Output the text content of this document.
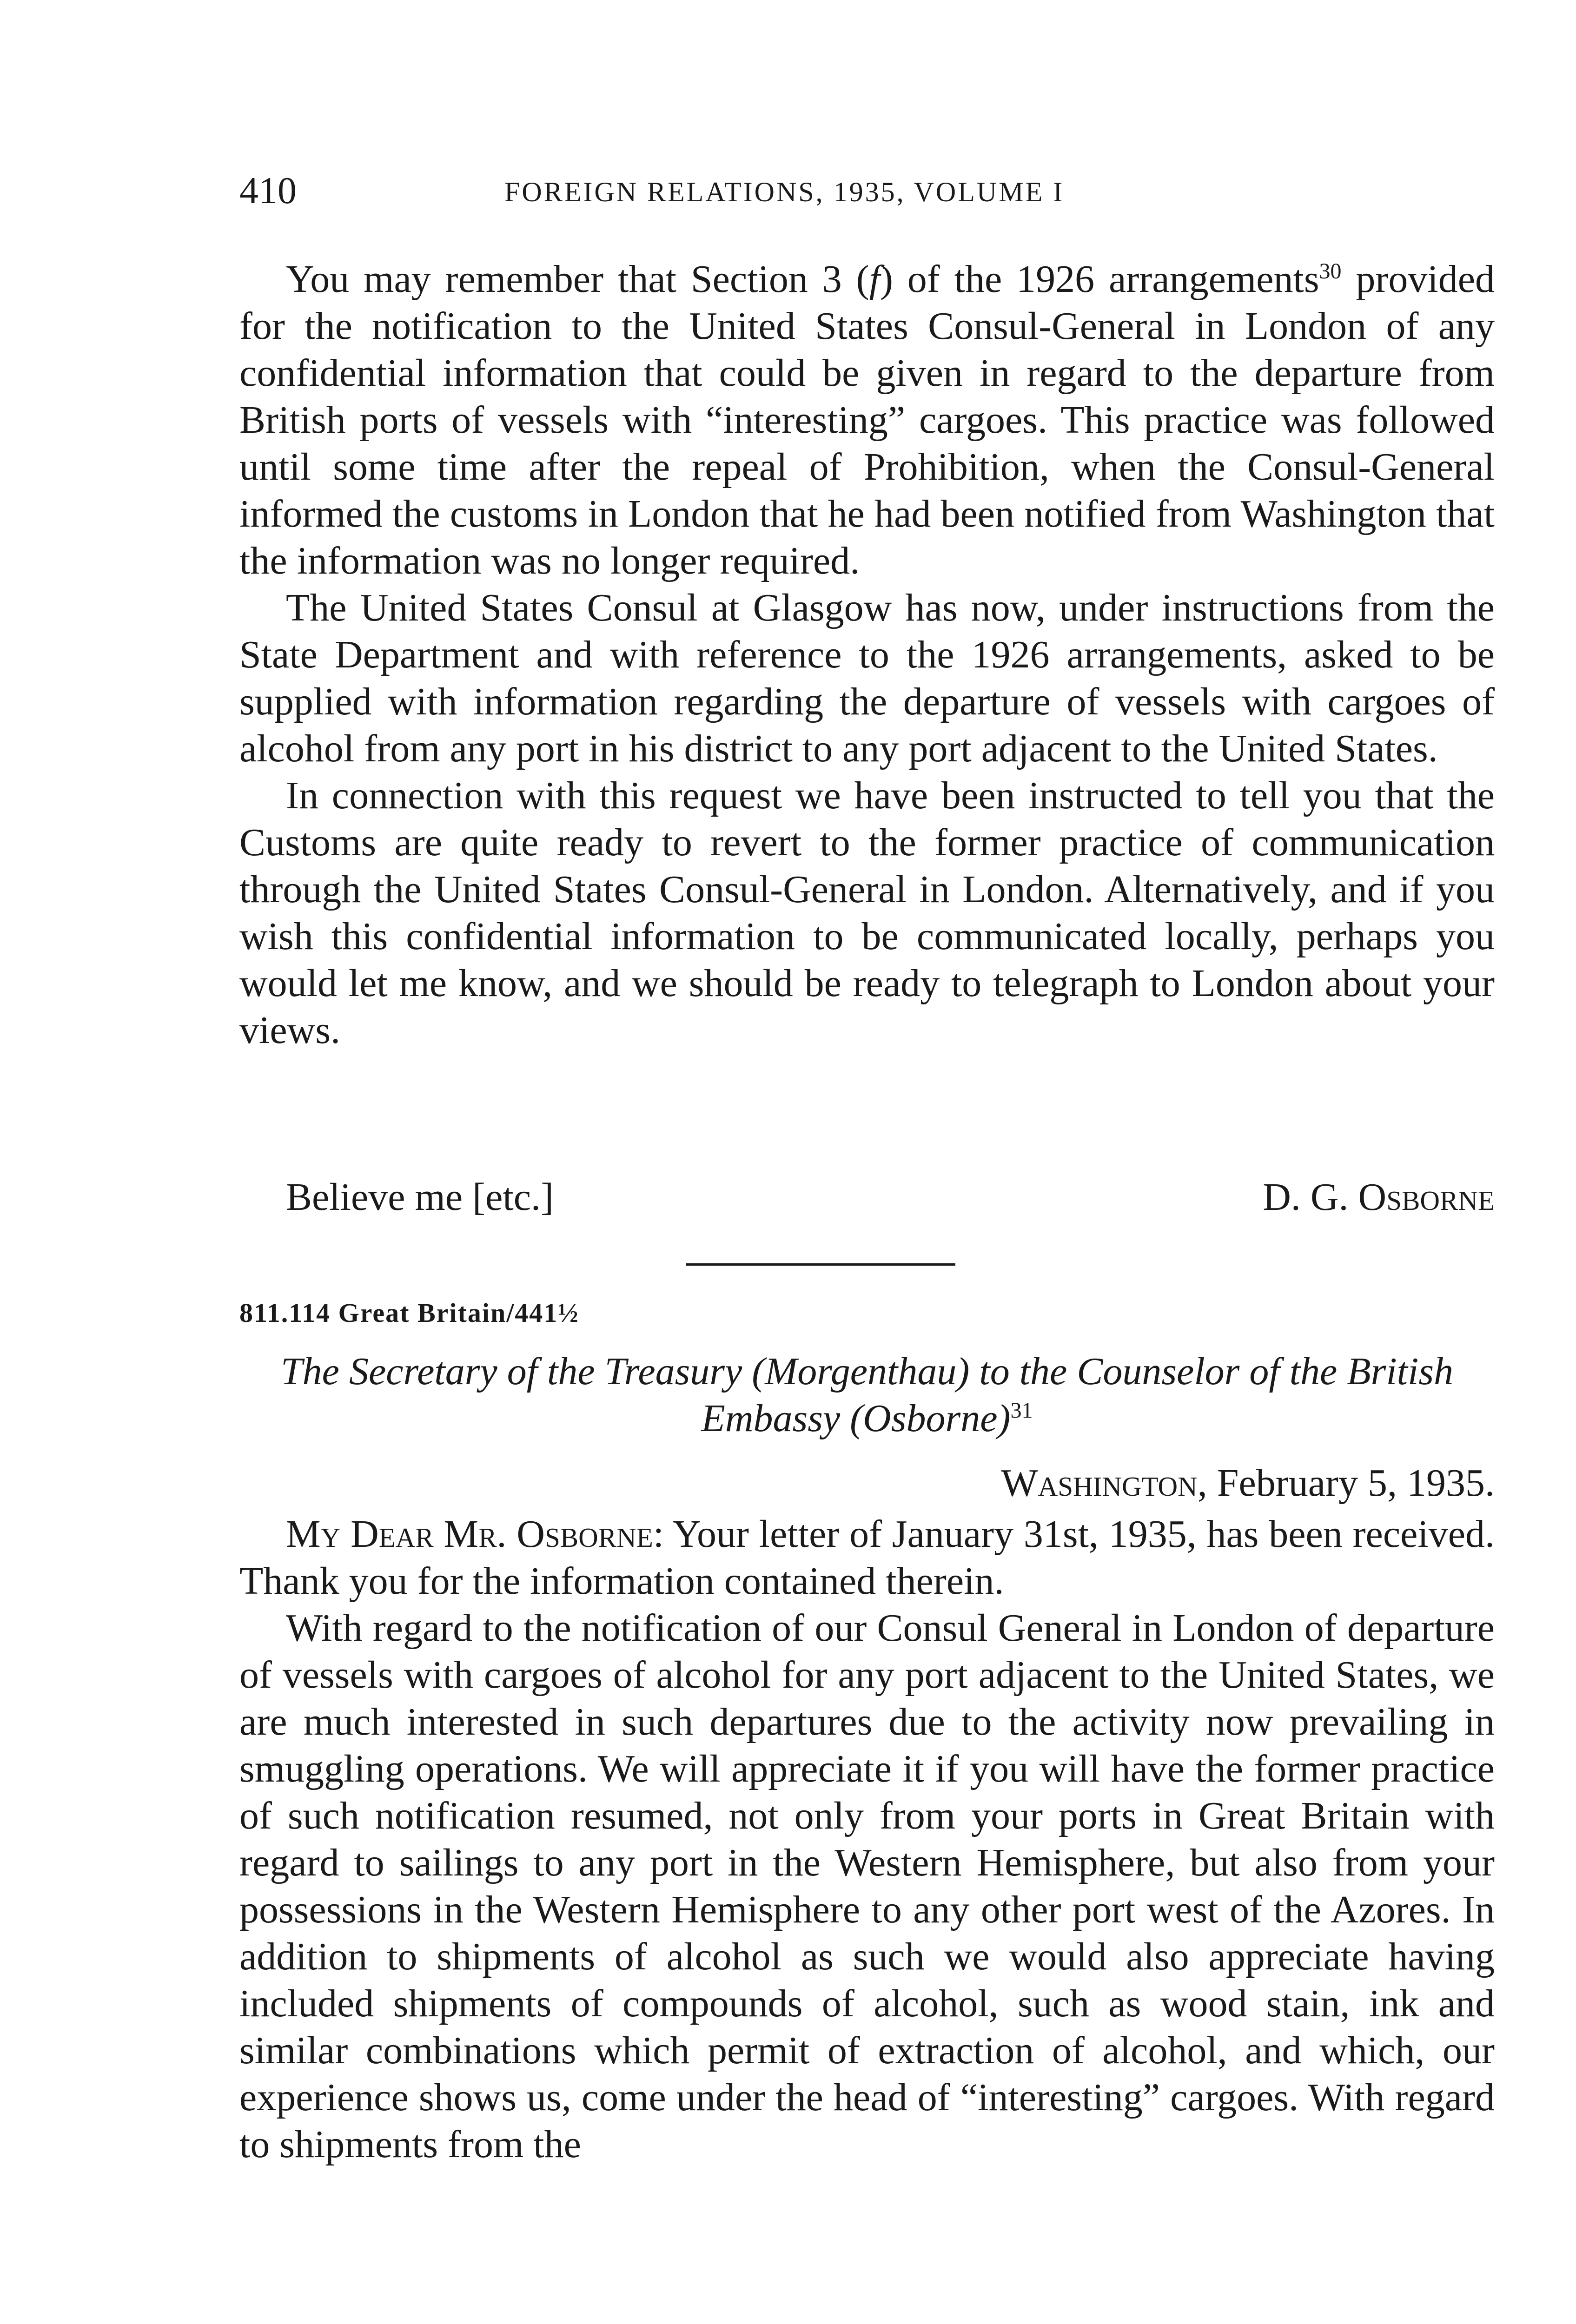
410	FOREIGN RELATIONS, 1935, VOLUME I

You may remember that Section 3 (f) of the 1926 arrangements$^{30}$ provided for the notification to the United States Consul-General in London of any confidential information that could be given in regard to the departure from British ports of vessels with “interesting” cargoes. This practice was followed until some time after the repeal of Prohibition, when the Consul-General informed the customs in London that he had been notified from Washington that the information was no longer required.

The United States Consul at Glasgow has now, under instructions from the State Department and with reference to the 1926 arrangements, asked to be supplied with information regarding the departure of vessels with cargoes of alcohol from any port in his district to any port adjacent to the United States.

In connection with this request we have been instructed to tell you that the Customs are quite ready to revert to the former practice of communication through the United States Consul-General in London. Alternatively, and if you wish this confidential information to be communicated locally, perhaps you would let me know, and we should be ready to telegraph to London about your views.

Believe me [etc.]	D. G. Osborne
811.114 Great Britain/441½
The Secretary of the Treasury (Morgenthau) to the Counselor of the British Embassy (Osborne)$^{31}$
Washington, February 5, 1935.

My Dear Mr. Osborne: Your letter of January 31st, 1935, has been received. Thank you for the information contained therein.

With regard to the notification of our Consul General in London of departure of vessels with cargoes of alcohol for any port adjacent to the United States, we are much interested in such departures due to the activity now prevailing in smuggling operations. We will appreciate it if you will have the former practice of such notification resumed, not only from your ports in Great Britain with regard to sailings to any port in the Western Hemisphere, but also from your possessions in the Western Hemisphere to any other port west of the Azores. In addition to shipments of alcohol as such we would also appreciate having included shipments of compounds of alcohol, such as wood stain, ink and similar combinations which permit of extraction of alcohol, and which, our experience shows us, come under the head of “interesting” cargoes. With regard to shipments from the
